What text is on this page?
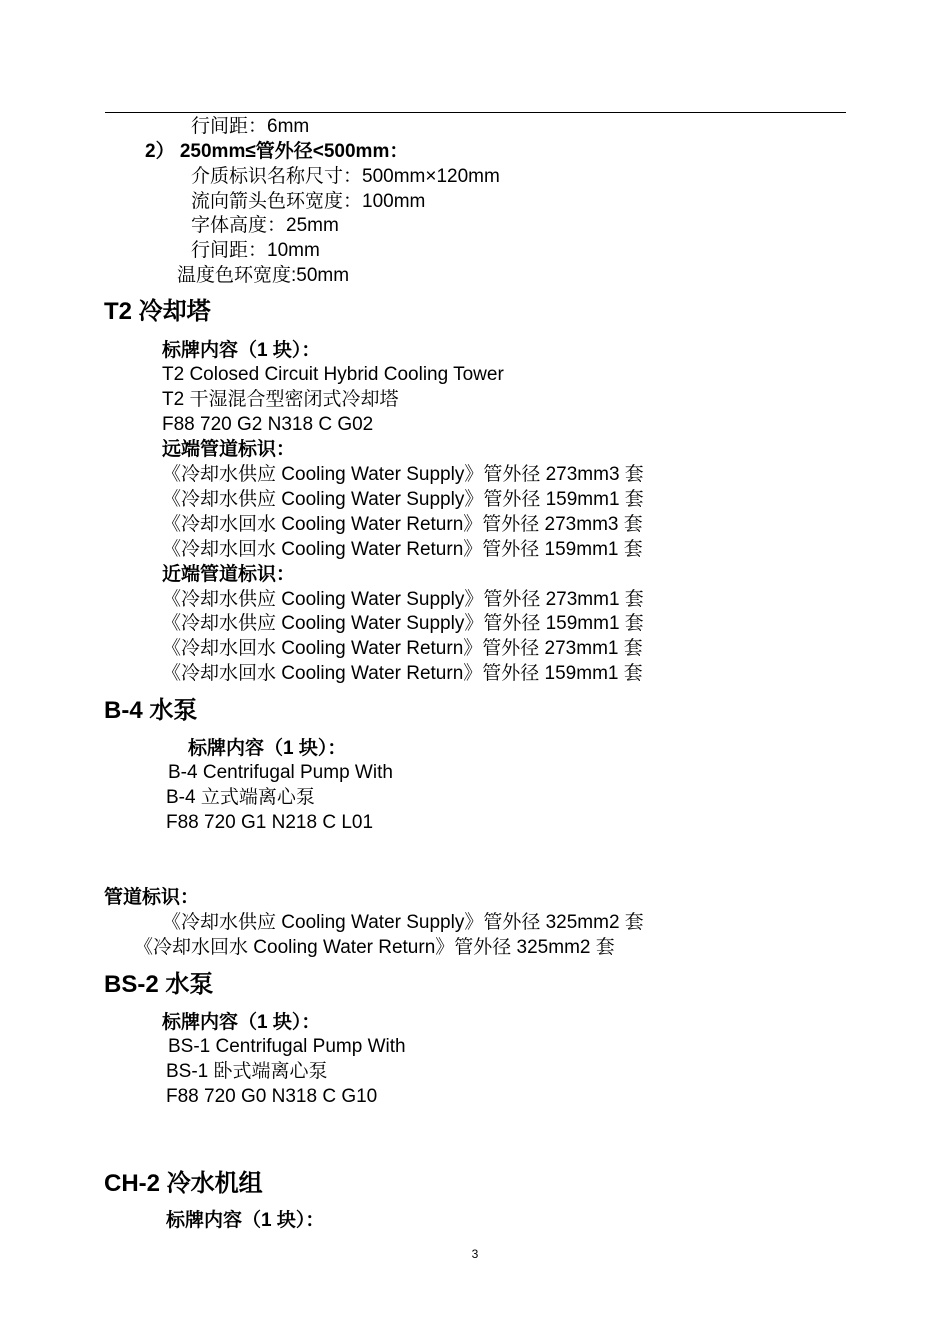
行间距：6mm
2） 250mm≤管外径<500mm：
介质标识名称尺寸：500mm×120mm
流向箭头色环宽度：100mm
字体高度：25mm
行间距：10mm
温度色环宽度:50mm
T2 冷却塔
标牌内容（1 块）：
T2 Colosed Circuit Hybrid Cooling Tower
T2 干湿混合型密闭式冷却塔
F88 720 G2 N318 C G02
远端管道标识：
《冷却水供应 Cooling Water Supply》管外径 273mm3 套
《冷却水供应 Cooling Water Supply》管外径 159mm1 套
《冷却水回水 Cooling Water Return》管外径 273mm3 套
《冷却水回水 Cooling Water Return》管外径 159mm1 套
近端管道标识：
《冷却水供应 Cooling Water Supply》管外径 273mm1 套
《冷却水供应 Cooling Water Supply》管外径 159mm1 套
《冷却水回水 Cooling Water Return》管外径 273mm1 套
《冷却水回水 Cooling Water Return》管外径 159mm1 套
B-4 水泵
标牌内容（1 块）：
B-4 Centrifugal Pump With
B-4 立式端离心泵
F88 720 G1 N218 C L01
管道标识：
《冷却水供应 Cooling Water Supply》管外径 325mm2 套
《冷却水回水 Cooling Water Return》管外径 325mm2 套
BS-2 水泵
标牌内容（1 块）：
BS-1 Centrifugal Pump With
BS-1 卧式端离心泵
F88 720 G0 N318 C G10
CH-2 冷水机组
标牌内容（1 块）：
3
